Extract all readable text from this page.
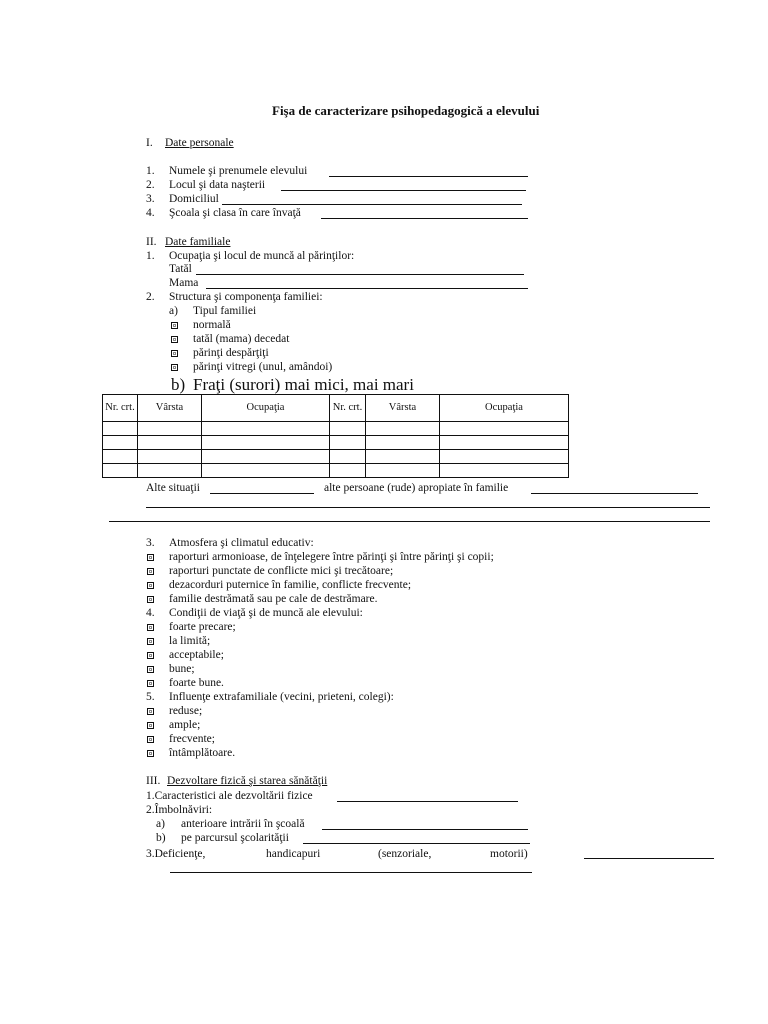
Fişa de caracterizare psihopedagogică a elevului
I. Date personale
1. Numele şi prenumele elevului
2. Locul şi data naşterii
3. Domiciliul
4. Şcoala şi clasa în care învaţă
II. Date familiale
1. Ocupaţia şi locul de muncă al părinţilor:
Tatăl
Mama
2. Structura şi componenţa familiei:
a) Tipul familiei
normală
tatăl (mama) decedat
părinţi despărţiţi
părinţi vitregi (unul, amândoi)
b) Fraţi (surori) mai mici, mai mari
Nr. crt.	Vârsta	Ocupaţia	Nr. crt.	Vârsta	Ocupaţia

Alte situaţii	alte persoane (rude) apropiate în familie
3. Atmosfera şi climatul educativ:
raporturi armonioase, de înţelegere între părinţi şi între părinţi şi copii;
raporturi punctate de conflicte mici şi trecătoare;
dezacorduri puternice în familie, conflicte frecvente;
familie destrămată sau pe cale de destrămare.
4. Condiţii de viaţă şi de muncă ale elevului:
foarte precare;
la limită;
acceptabile;
bune;
foarte bune.
5. Influenţe extrafamiliale (vecini, prieteni, colegi):
reduse;
ample;
frecvente;
întâmplătoare.
III. Dezvoltare fizică şi starea sănătăţii
1.Caracteristici ale dezvoltării fizice
2.Îmbolnăviri:
a) anterioare intrării în şcoală
b) pe parcursul şcolarităţii
3.Deficienţe,	handicapuri	(senzoriale,	motorii)
